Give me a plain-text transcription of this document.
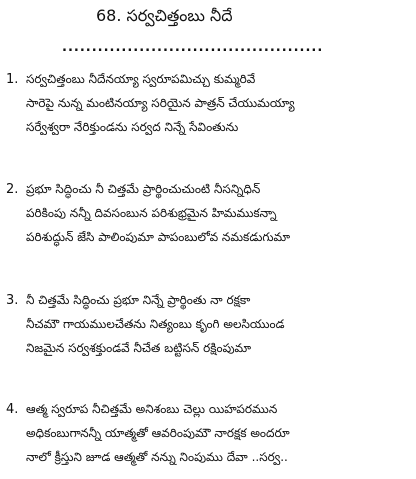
68. సర్వచిత్తంబు నీదే
............................................
1. సర్వచిత్తంబు నీదేనయ్యా స్వరూపమిచ్చు కుమ్మరివే
సారెపై నున్న మంటినయ్యా సరియైన పాత్రన్ చేయుమయ్యా
సర్వేశ్వరా నేరిక్తుండను సర్వద నిన్నే సేవింతును
2. ప్రభూ సిద్ధించు నీ చిత్తమే ప్రార్థించుచుంటి నీసన్నిధిన్
పరికింపు నన్నీ దివసంబున పరిశుభ్రమైన హిమముకన్నా
పరిశుద్ధున్ జేసి పాలింపుమా పాపంబులోవ నమకడుగుమా
3. నీ చిత్తమే సిద్ధించు ప్రభూ నిన్నే ప్రార్థింతు నా రక్షకా
నీచమౌ గాయములచేతను నిత్యంబు కృంగి అలసియుండ
నిజమైన సర్వశక్తుండవే నీచేత బట్టిసన్ రక్షింపుమా
4. ఆత్మ స్వరూప నీచిత్తమే అనిశంబు చెల్లు యిహపరమున
అధికంబుగానన్నీ యాత్మతో ఆవరింపుమౌ నారక్షక అందరూ
నాలో క్రీస్తుని జూడ ఆత్మతో నన్ను నింపుము దేవా ..సర్వ..
